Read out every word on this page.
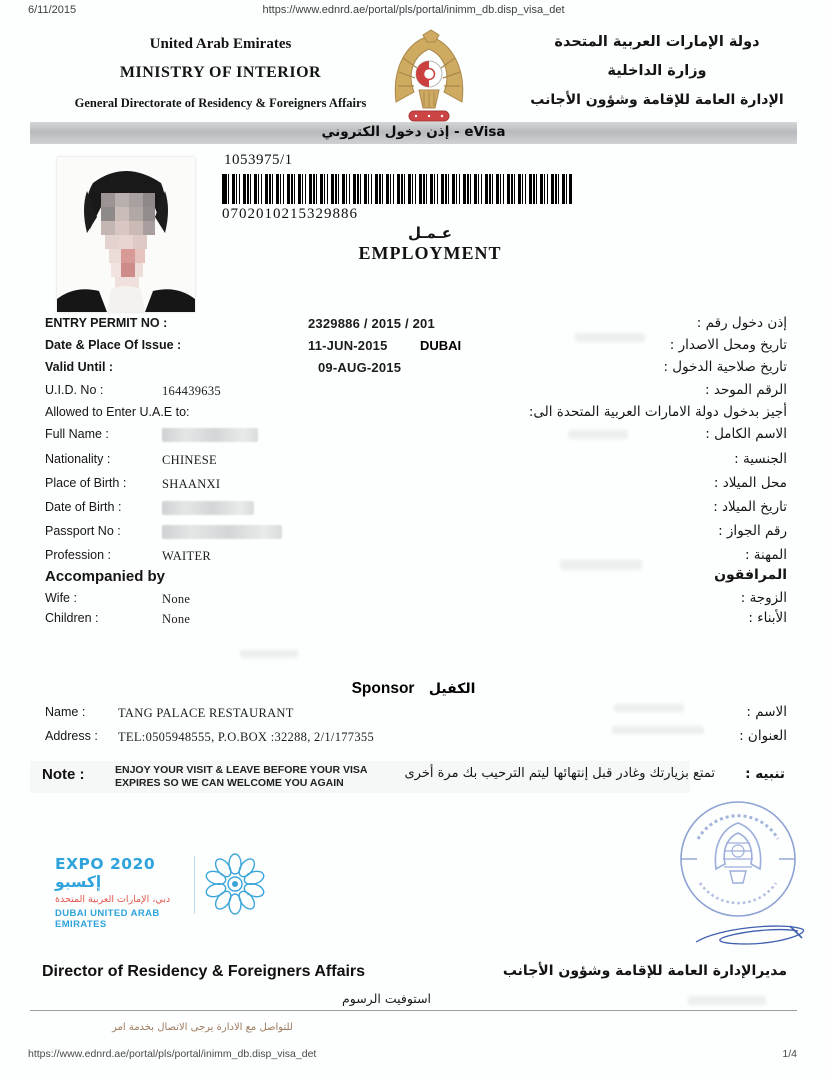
6/11/2015	https://www.ednrd.ae/portal/pls/portal/inimm_db.disp_visa_det
United Arab Emirates
MINISTRY OF INTERIOR
General Directorate of Residency & Foreigners Affairs
دولة الإمارات العربية المتحدة
وزارة الداخلية
الإدارة العامة للإقامة وشؤون الأجانب
إذن دخول الكتروني - eVisa
1053975/1
0702010215329886
عـمـل
EMPLOYMENT
ENTRY PERMIT NO :	2329886 / 2015 / 201	إذن دخول رقم :
Date & Place Of Issue :	11-JUN-2015 DUBAI	تاريخ ومحل الاصدار :
Valid Until :	09-AUG-2015	تاريخ صلاحية الدخول :
U.I.D. No :	164439635	الرقم الموحد :
Allowed to Enter U.A.E to:	أجيز بدخول دولة الامارات العربية المتحدة الى:
Full Name :	الاسم الكامل :
Nationality :	CHINESE	الجنسية :
Place of Birth :	SHAANXI	محل الميلاد :
Date of Birth :	تاريخ الميلاد :
Passport No :	رقم الجواز :
Profession :	WAITER	المهنة :
Accompanied by	المرافقون
Wife :	None	الزوجة :
Children :	None	الأبناء :
Sponsor الكفيل
Name :	TANG PALACE RESTAURANT	الاسم :
Address : TEL:0505948555, P.O.BOX :32288, 2/1/177355	العنوان :
Note :	ENJOY YOUR VISIT & LEAVE BEFORE YOUR VISA
EXPIRES SO WE CAN WELCOME YOU AGAIN
تمتع بزيارتك وغادر قبل إنتهائها ليتم الترحيب بك مرة أخرى تنبيه :
EXPO 2020 إكسبو
دبي، الإمارات العربية المتحدة
DUBAI UNITED ARAB EMIRATES
Director of Residency & Foreigners Affairs	مديرالإدارة العامة للإقامة وشؤون الأجانب
استوفيت الرسوم
للتواصل مع الادارة يرجى الاتصال بخدمة امر
https://www.ednrd.ae/portal/pls/portal/inimm_db.disp_visa_det	1/4
